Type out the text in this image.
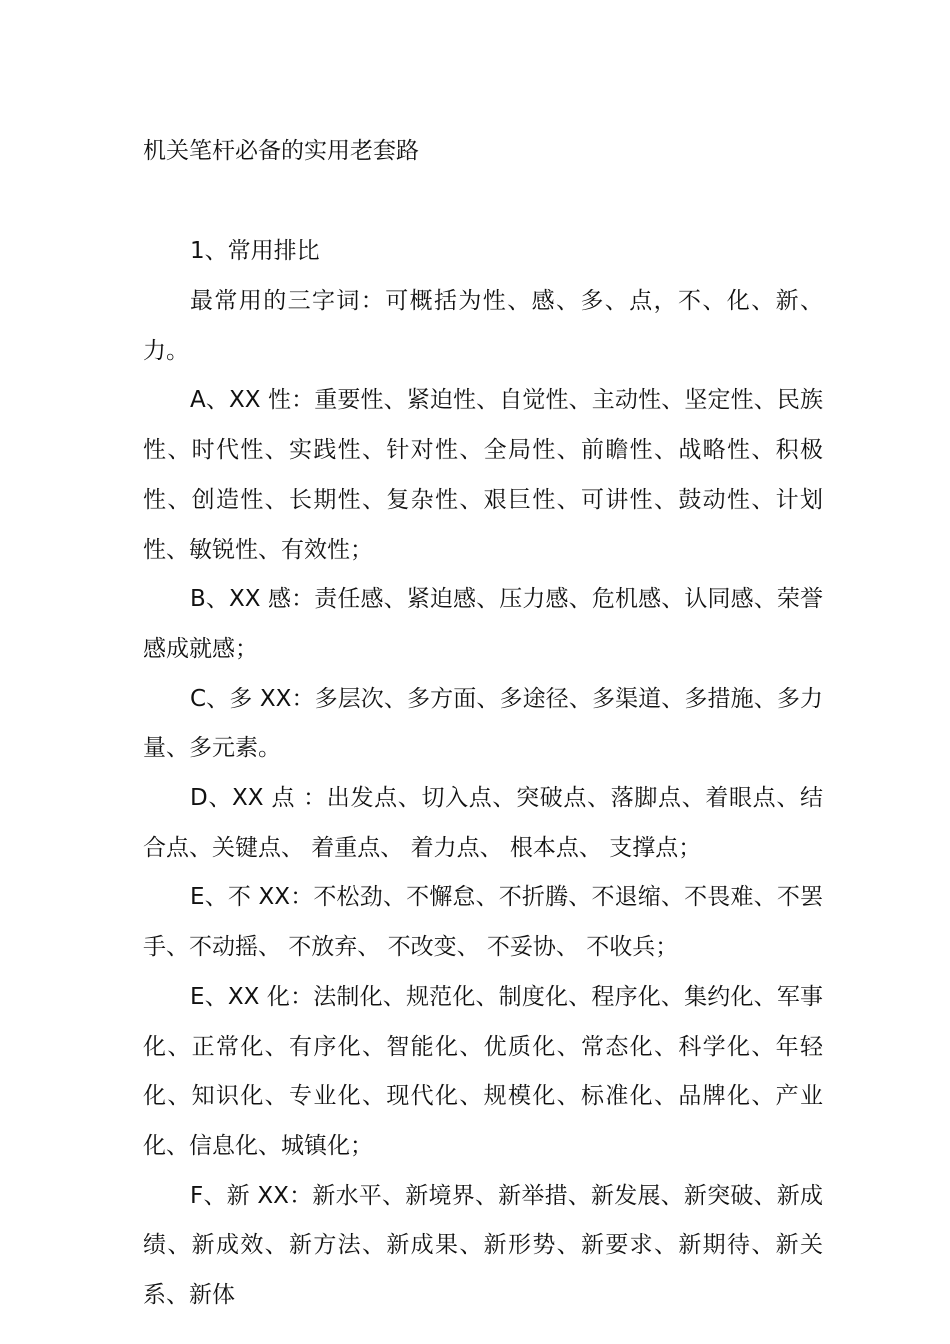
机关笔杆必备的实用老套路
1、常用排比

最常用的三字词：可概括为性、感、多、点，不、化、新、力。

A、XX 性：重要性、紧迫性、自觉性、主动性、坚定性、民族性、时代性、实践性、针对性、全局性、前瞻性、战略性、积极性、创造性、长期性、复杂性、艰巨性、可讲性、鼓动性、计划性、敏锐性、有效性；

B、XX 感：责任感、紧迫感、压力感、危机感、认同感、荣誉感成就感；

C、多 XX：多层次、多方面、多途径、多渠道、多措施、多力量、多元素。

D、XX 点 ：出发点、切入点、突破点、落脚点、着眼点、结合点、关键点、 着重点、 着力点、 根本点、 支撑点；

E、不 XX：不松劲、不懈怠、不折腾、不退缩、不畏难、不罢手、不动摇、 不放弃、 不改变、 不妥协、 不收兵；

E、XX 化：法制化、规范化、制度化、程序化、集约化、军事化、正常化、有序化、智能化、优质化、常态化、科学化、年轻化、知识化、专业化、现代化、规模化、标准化、品牌化、产业化、信息化、城镇化；

F、新 XX：新水平、新境界、新举措、新发展、新突破、新成绩、新成效、新方法、新成果、新形势、新要求、新期待、新关系、新体
